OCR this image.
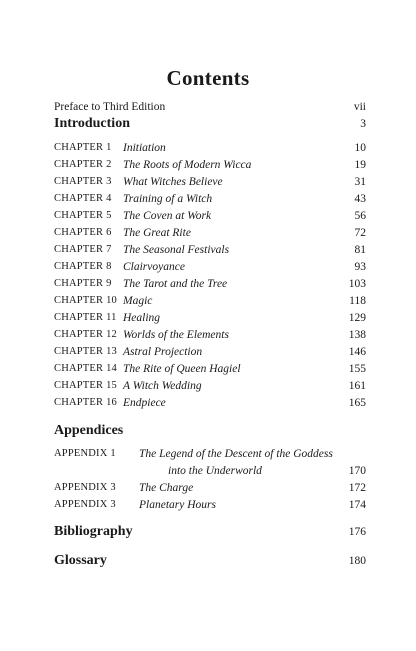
Contents
Preface to Third Edition	vii
Introduction	3
CHAPTER 1 Initiation	10
CHAPTER 2 The Roots of Modern Wicca	19
CHAPTER 3 What Witches Believe	31
CHAPTER 4 Training of a Witch	43
CHAPTER 5 The Coven at Work	56
CHAPTER 6 The Great Rite	72
CHAPTER 7 The Seasonal Festivals	81
CHAPTER 8 Clairvoyance	93
CHAPTER 9 The Tarot and the Tree	103
CHAPTER 10 Magic	118
CHAPTER 11 Healing	129
CHAPTER 12 Worlds of the Elements	138
CHAPTER 13 Astral Projection	146
CHAPTER 14 The Rite of Queen Hagiel	155
CHAPTER 15 A Witch Wedding	161
CHAPTER 16 Endpiece	165
Appendices
APPENDIX 1 The Legend of the Descent of the Goddess
into the Underworld	170
APPENDIX 3 The Charge	172
APPENDIX 3 Planetary Hours	174
Bibliography	176
Glossary	180
